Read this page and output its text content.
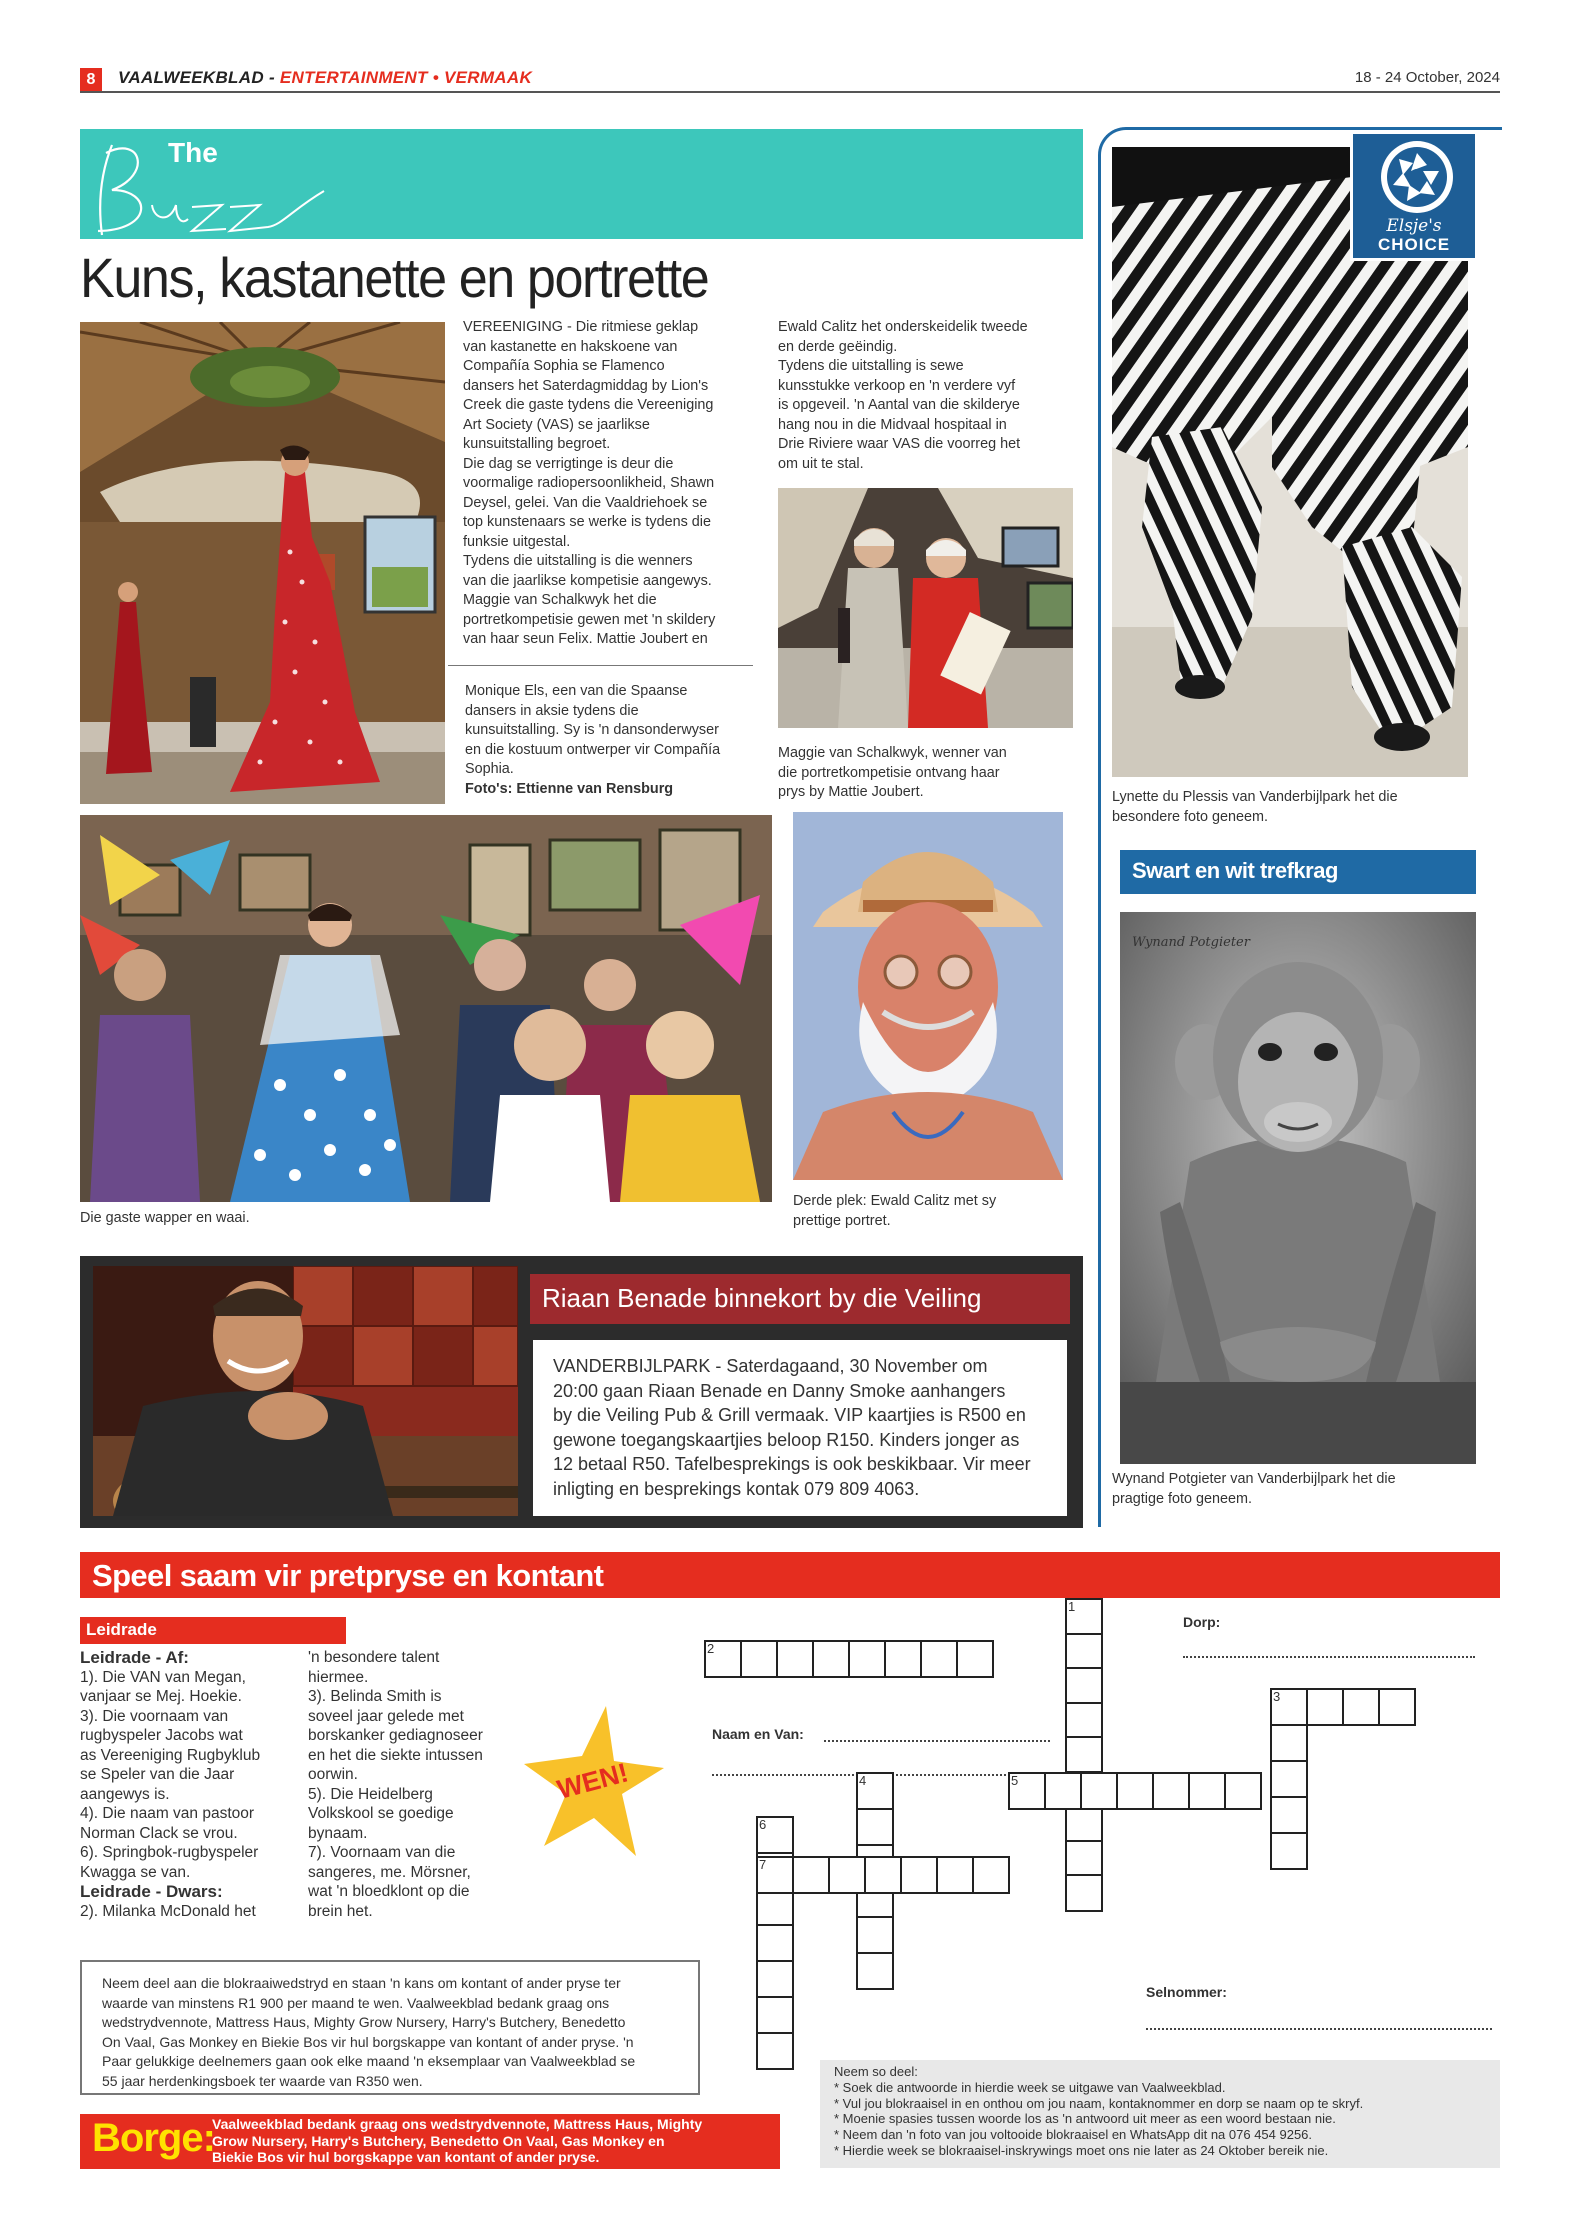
8	VAALWEEKBLAD - ENTERTAINMENT • VERMAAK	18 - 24 October, 2024
Buzz
The
Kuns, kastanette en portrette
VEREENIGING - Die ritmiese geklap
van kastanette en hakskoene van
Compañía Sophia se Flamenco
dansers het Saterdagmiddag by Lion's
Creek die gaste tydens die Vereeniging
Art Society (VAS) se jaarlikse
kunsuitstalling begroet.
Die dag se verrigtinge is deur die
voormalige radiopersoonlikheid, Shawn
Deysel, gelei. Van die Vaaldriehoek se
top kunstenaars se werke is tydens die
funksie uitgestal.
Tydens die uitstalling is die wenners
van die jaarlikse kompetisie aangewys.
Maggie van Schalkwyk het die
portretkompetisie gewen met 'n skildery
van haar seun Felix. Mattie Joubert en
Monique Els, een van die Spaanse
dansers in aksie tydens die
kunsuitstalling. Sy is 'n dansonderwyser
en die kostuum ontwerper vir Compañía
Sophia.
Foto's: Ettienne van Rensburg
Ewald Calitz het onderskeidelik tweede
en derde geëindig.
Tydens die uitstalling is sewe
kunsstukke verkoop en 'n verdere vyf
is opgeveil. 'n Aantal van die skilderye
hang nou in die Midvaal hospitaal in
Drie Riviere waar VAS die voorreg het
om uit te stal.
Maggie van Schalkwyk, wenner van
die portretkompetisie ontvang haar
prys by Mattie Joubert.
Die gaste wapper en waai.
Derde plek: Ewald Calitz met sy
prettige portret.
Elsje's
CHOICE
Lynette du Plessis van Vanderbijlpark het die
besondere foto geneem.
Swart en wit trefkrag
Wynand Potgieter
Wynand Potgieter van Vanderbijlpark het die
pragtige foto geneem.
Riaan Benade binnekort by die Veiling
VANDERBIJLPARK - Saterdagaand, 30 November om
20:00 gaan Riaan Benade en Danny Smoke aanhangers
by die Veiling Pub & Grill vermaak. VIP kaartjies is R500 en
gewone toegangskaartjies beloop R150. Kinders jonger as
12 betaal R50. Tafelbesprekings is ook beskikbaar. Vir meer
inligting en besprekings kontak 079 809 4063.
Speel saam vir pretpryse en kontant
Leidrade
Leidrade - Af:
1). Die VAN van Megan,
vanjaar se Mej. Hoekie.
3). Die voornaam van
rugbyspeler Jacobs wat
as Vereeniging Rugbyklub
se Speler van die Jaar
aangewys is.
4). Die naam van pastoor
Norman Clack se vrou.
6). Springbok-rugbyspeler
Kwagga se van.
Leidrade - Dwars:
2). Milanka McDonald het
'n besondere talent
hiermee.
3). Belinda Smith is
soveel jaar gelede met
borskanker gediagnoseer
en het die siekte intussen
oorwin.
5). Die Heidelberg
Volkskool se goedige
bynaam.
7). Voornaam van die
sangeres, me. Mörsner,
wat 'n bloedklont op die
brein het.
WEN!
Dorp:
Naam en Van:
Selnommer:
1
2
3
4	5
6
7
Neem deel aan die blokraaiwedstryd en staan 'n kans om kontant of ander pryse ter
waarde van minstens R1 900 per maand te wen. Vaalweekblad bedank graag ons
wedstrydvennote, Mattress Haus, Mighty Grow Nursery, Harry's Butchery, Benedetto
On Vaal, Gas Monkey en Biekie Bos vir hul borgskappe van kontant of ander pryse. 'n
Paar gelukkige deelnemers gaan ook elke maand 'n eksemplaar van Vaalweekblad se
55 jaar herdenkingsboek ter waarde van R350 wen.
Neem so deel:
* Soek die antwoorde in hierdie week se uitgawe van Vaalweekblad.
* Vul jou blokraaisel in en onthou om jou naam, kontaknommer en dorp se naam op te skryf.
* Moenie spasies tussen woorde los as 'n antwoord uit meer as een woord bestaan nie.
* Neem dan 'n foto van jou voltooide blokraaisel en WhatsApp dit na 076 454 9256.
* Hierdie week se blokraaisel-inskrywings moet ons nie later as 24 Oktober bereik nie.
Borge:
Vaalweekblad bedank graag ons wedstrydvennote, Mattress Haus, Mighty
Grow Nursery, Harry's Butchery, Benedetto On Vaal, Gas Monkey en
Biekie Bos vir hul borgskappe van kontant of ander pryse.
